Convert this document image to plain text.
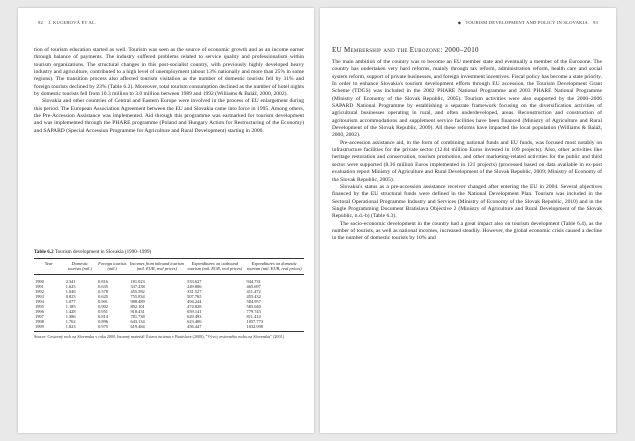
92 J. KUCEROVÁ ET AL.

tion of tourism education started as well. Tourism was seen as the source of economic growth and as an income earner through balance of payments. The industry suffered problems related to service quality and professionalism within tourism organizations. The structural changes in this post-socialist country, with previously highly developed heavy industry and agriculture, contributed to a high level of unemployment (about 13% nationally and more than 25% in some regions). The transition process also affected tourism visitation as the number of domestic tourists fell by 31% and foreign tourists declined by 23% (Table 6.2). Moreover, total tourism consumption declined as the number of hotel nights by domestic tourists fell from 10.3 million to 3.0 million between 1989 and 1992 (Williams & Baláž, 2000, 2002).

Slovakia and other countries of Central and Eastern Europe were involved in the process of EU enlargement during this period. The European Association Agreement between the EU and Slovakia came into force in 1995. Among others, the Pre-Accession Assistance was implemented. Aid through this programme was earmarked for tourism development and was implemented through the PHARE programme (Poland and Hungary Action for Restructuring of the Economy) and SAPARD (Special Accession Programme for Agriculture and Rural Development) starting in 2000.

Table 6.2 Tourism development in Slovakia (1990–1999)
Year	Domestic tourists (mil.)	Foreign tourists (mil.)	Incomes from inbound tourism (mil. EUR, real prices)	Expenditures on outbound tourism (mil. EUR, real prices)	Expenditures on domestic tourism (mil. EUR, real prices)
1990	2.341	0.816	181.023	533.627	944.731
1991	1.625	0.635	337.238	249.806	465.697
1992	1.046	0.578	455.582	331.527	411.472
1993	0.823	0.625	755.834	507.765	455.432
1994	1.077	0.901	988.489	494.244	584.957
1995	1.185	0.902	892.101	474.828	585.040
1996	1.428	0.951	918.431	659.141	779.743
1997	1.386	0.814	781.738	629.493	811.414
1998	1.762	0.896	643.134	623.406	1057.773
1999	1.823	0.975	619.484	456.447	1032.990
Source: Cestovný ruch na Slovensku v roku 2000. Inczený materiál Ústavu turizmu v Bratislave (2000); "Vývoj cestovného ruchu na Slovensku" (2001)
◆ TOURISM DEVELOPMENT AND POLICY IN SLOVAKIA 93
EU Membership and the Eurozone: 2000–2010

The main ambition of the country was to become an EU member state and eventually a member of the Eurozone. The country has undertaken very hard reforms, mainly through tax reform, administration reform, health care and social system reform, support of private businesses, and foreign investment incentives. Fiscal policy has become a state priority. In order to enhance Slovakia's tourism development efforts through EU accession, the Tourism Development Grant Scheme (TDGS) was included in the 2002 PHARE National Programme and 2003 PHARE National Programme (Ministry of Economy of the Slovak Republic, 2005). Tourism activities were also supported by the 2000–2006 SAPARD National Programme by establishing a separate framework focusing on the diversification activities of agricultural businesses operating in rural, and often underdeveloped, areas. Reconstruction and construction of agritourism accommodations and supplement service facilities have been financed (Ministry of Agriculture and Rural Development of the Slovak Republic, 2009). All these reforms have impacted the local population (Williams & Baláž, 2000, 2002).

Pre-accession assistance aid, in the form of combining national funds and EU funds, was focused most notably on infrastructure facilities for the private sector (12.84 million Euros invested in 109 projects). Also, other activities like heritage restoration and conservation, tourism promotion, and other marketing-related activities for the public and third sector were supported (8.36 million Euros implemented in 121 projects) (processed based on data available in ex-post evaluation report Ministry of Agriculture and Rural Development of the Slovak Republic, 2009; Ministry of Economy of the Slovak Republic, 2005).

Slovakia's status as a pre-accession assistance receiver changed after entering the EU in 2004. Several objectives financed by the EU structural funds were defined in the National Development Plan. Tourism was included in the Sectoral Operational Programme Industry and Services (Ministry of Economy of the Slovak Republic, 2010) and in the Single Programming Document Bratislava Objective 2 (Ministry of Agriculture and Rural Development of the Slovak Republic, n.d.-b) (Table 6.3).

The socio-economic development in the country had a great impact also on tourism development (Table 6.4), as the number of tourists, as well as national incomes, increased steadily. However, the global economic crisis caused a decline in the number of domestic tourists by 10% and
